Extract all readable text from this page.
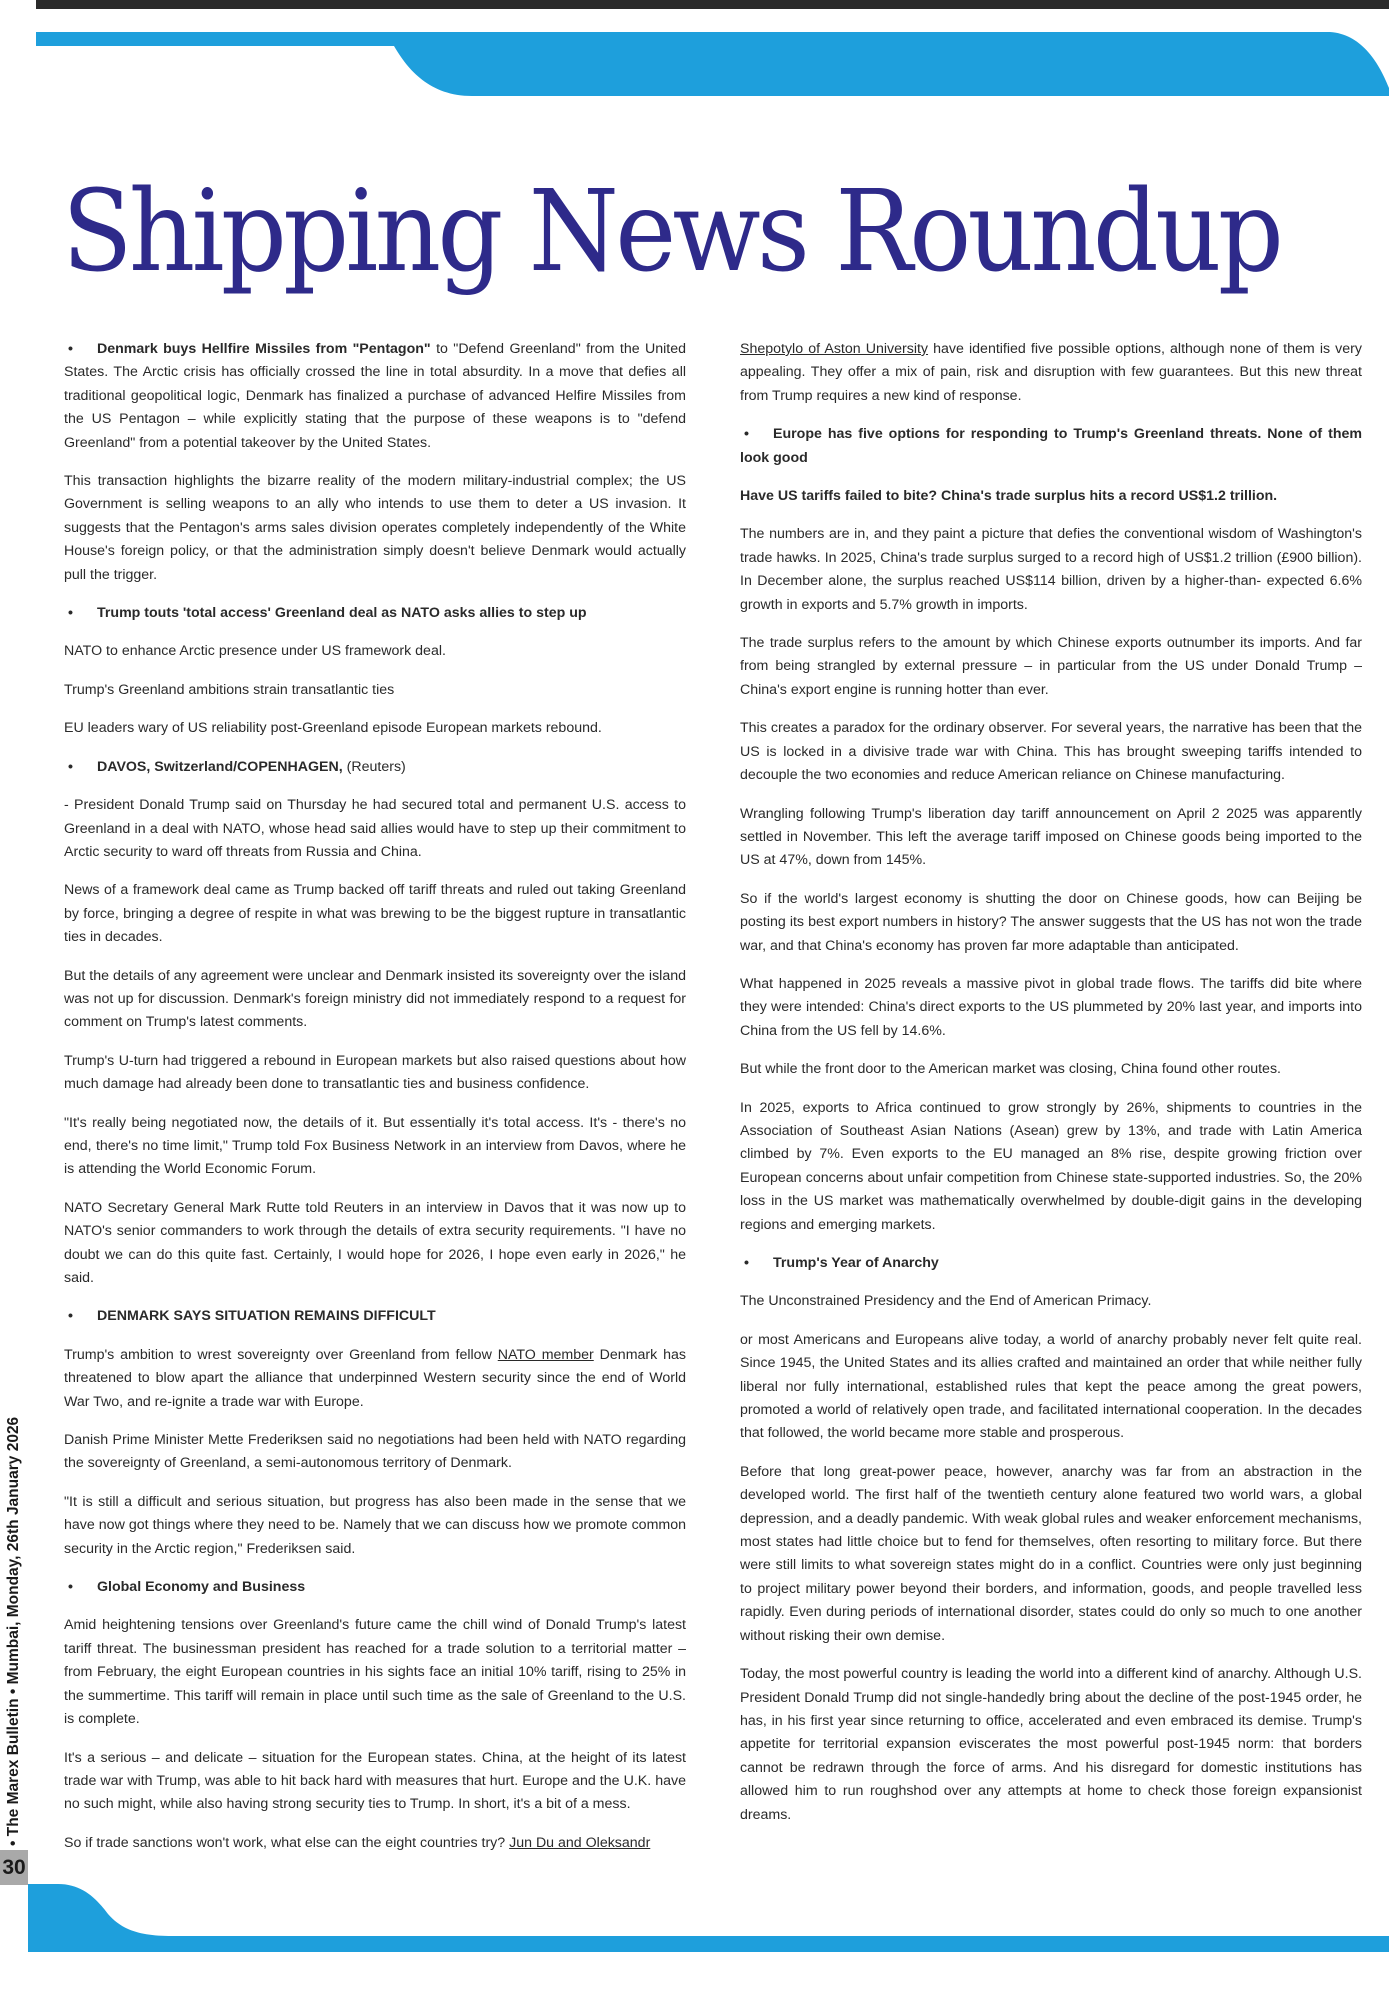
Shipping News Roundup
• Denmark buys Hellfire Missiles from "Pentagon" to "Defend Greenland" from the United States. The Arctic crisis has officially crossed the line in total absurdity. In a move that defies all traditional geopolitical logic, Denmark has finalized a purchase of advanced Helfire Missiles from the US Pentagon – while explicitly stating that the purpose of these weapons is to "defend Greenland" from a potential takeover by the United States.

This transaction highlights the bizarre reality of the modern military-industrial complex; the US Government is selling weapons to an ally who intends to use them to deter a US invasion. It suggests that the Pentagon's arms sales division operates completely independently of the White House's foreign policy, or that the administration simply doesn't believe Denmark would actually pull the trigger.

• Trump touts 'total access' Greenland deal as NATO asks allies to step up

NATO to enhance Arctic presence under US framework deal.

Trump's Greenland ambitions strain transatlantic ties

EU leaders wary of US reliability post-Greenland episode European markets rebound.

• DAVOS, Switzerland/COPENHAGEN, (Reuters)

- President Donald Trump said on Thursday he had secured total and permanent U.S. access to Greenland in a deal with NATO, whose head said allies would have to step up their commitment to Arctic security to ward off threats from Russia and China.

News of a framework deal came as Trump backed off tariff threats and ruled out taking Greenland by force, bringing a degree of respite in what was brewing to be the biggest rupture in transatlantic ties in decades.

But the details of any agreement were unclear and Denmark insisted its sovereignty over the island was not up for discussion. Denmark's foreign ministry did not immediately respond to a request for comment on Trump's latest comments.

Trump's U-turn had triggered a rebound in European markets but also raised questions about how much damage had already been done to transatlantic ties and business confidence.

"It's really being negotiated now, the details of it. But essentially it's total access. It's - there's no end, there's no time limit," Trump told Fox Business Network in an interview from Davos, where he is attending the World Economic Forum.

NATO Secretary General Mark Rutte told Reuters in an interview in Davos that it was now up to NATO's senior commanders to work through the details of extra security requirements. "I have no doubt we can do this quite fast. Certainly, I would hope for 2026, I hope even early in 2026," he said.

• DENMARK SAYS SITUATION REMAINS DIFFICULT

Trump's ambition to wrest sovereignty over Greenland from fellow NATO member Denmark has threatened to blow apart the alliance that underpinned Western security since the end of World War Two, and re-ignite a trade war with Europe.

Danish Prime Minister Mette Frederiksen said no negotiations had been held with NATO regarding the sovereignty of Greenland, a semi-autonomous territory of Denmark.

"It is still a difficult and serious situation, but progress has also been made in the sense that we have now got things where they need to be. Namely that we can discuss how we promote common security in the Arctic region," Frederiksen said.

• Global Economy and Business

Amid heightening tensions over Greenland's future came the chill wind of Donald Trump's latest tariff threat. The businessman president has reached for a trade solution to a territorial matter – from February, the eight European countries in his sights face an initial 10% tariff, rising to 25% in the summertime. This tariff will remain in place until such time as the sale of Greenland to the U.S. is complete.

It's a serious – and delicate – situation for the European states. China, at the height of its latest trade war with Trump, was able to hit back hard with measures that hurt. Europe and the U.K. have no such might, while also having strong security ties to Trump. In short, it's a bit of a mess.

So if trade sanctions won't work, what else can the eight countries try? Jun Du and Oleksandr

Shepotylo of Aston University have identified five possible options, although none of them is very appealing. They offer a mix of pain, risk and disruption with few guarantees. But this new threat from Trump requires a new kind of response.

• Europe has five options for responding to Trump's Greenland threats. None of them look good

Have US tariffs failed to bite? China's trade surplus hits a record US$1.2 trillion.

The numbers are in, and they paint a picture that defies the conventional wisdom of Washington's trade hawks. In 2025, China's trade surplus surged to a record high of US$1.2 trillion (£900 billion). In December alone, the surplus reached US$114 billion, driven by a higher-than- expected 6.6% growth in exports and 5.7% growth in imports.

The trade surplus refers to the amount by which Chinese exports outnumber its imports. And far from being strangled by external pressure – in particular from the US under Donald Trump – China's export engine is running hotter than ever.

This creates a paradox for the ordinary observer. For several years, the narrative has been that the US is locked in a divisive trade war with China. This has brought sweeping tariffs intended to decouple the two economies and reduce American reliance on Chinese manufacturing.

Wrangling following Trump's liberation day tariff announcement on April 2 2025 was apparently settled in November. This left the average tariff imposed on Chinese goods being imported to the US at 47%, down from 145%.

So if the world's largest economy is shutting the door on Chinese goods, how can Beijing be posting its best export numbers in history? The answer suggests that the US has not won the trade war, and that China's economy has proven far more adaptable than anticipated.

What happened in 2025 reveals a massive pivot in global trade flows. The tariffs did bite where they were intended: China's direct exports to the US plummeted by 20% last year, and imports into China from the US fell by 14.6%.

But while the front door to the American market was closing, China found other routes.

In 2025, exports to Africa continued to grow strongly by 26%, shipments to countries in the Association of Southeast Asian Nations (Asean) grew by 13%, and trade with Latin America climbed by 7%. Even exports to the EU managed an 8% rise, despite growing friction over European concerns about unfair competition from Chinese state-supported industries. So, the 20% loss in the US market was mathematically overwhelmed by double-digit gains in the developing regions and emerging markets.

• Trump's Year of Anarchy

The Unconstrained Presidency and the End of American Primacy.

or most Americans and Europeans alive today, a world of anarchy probably never felt quite real. Since 1945, the United States and its allies crafted and maintained an order that while neither fully liberal nor fully international, established rules that kept the peace among the great powers, promoted a world of relatively open trade, and facilitated international cooperation. In the decades that followed, the world became more stable and prosperous.

Before that long great-power peace, however, anarchy was far from an abstraction in the developed world. The first half of the twentieth century alone featured two world wars, a global depression, and a deadly pandemic. With weak global rules and weaker enforcement mechanisms, most states had little choice but to fend for themselves, often resorting to military force. But there were still limits to what sovereign states might do in a conflict. Countries were only just beginning to project military power beyond their borders, and information, goods, and people travelled less rapidly. Even during periods of international disorder, states could do only so much to one another without risking their own demise.

Today, the most powerful country is leading the world into a different kind of anarchy. Although U.S. President Donald Trump did not single-handedly bring about the decline of the post-1945 order, he has, in his first year since returning to office, accelerated and even embraced its demise. Trump's appetite for territorial expansion eviscerates the most powerful post-1945 norm: that borders cannot be redrawn through the force of arms. And his disregard for domestic institutions has allowed him to run roughshod over any attempts at home to check those foreign expansionist dreams.

• The Marex Bulletin • Mumbai, Monday, 26th January 2026
30
